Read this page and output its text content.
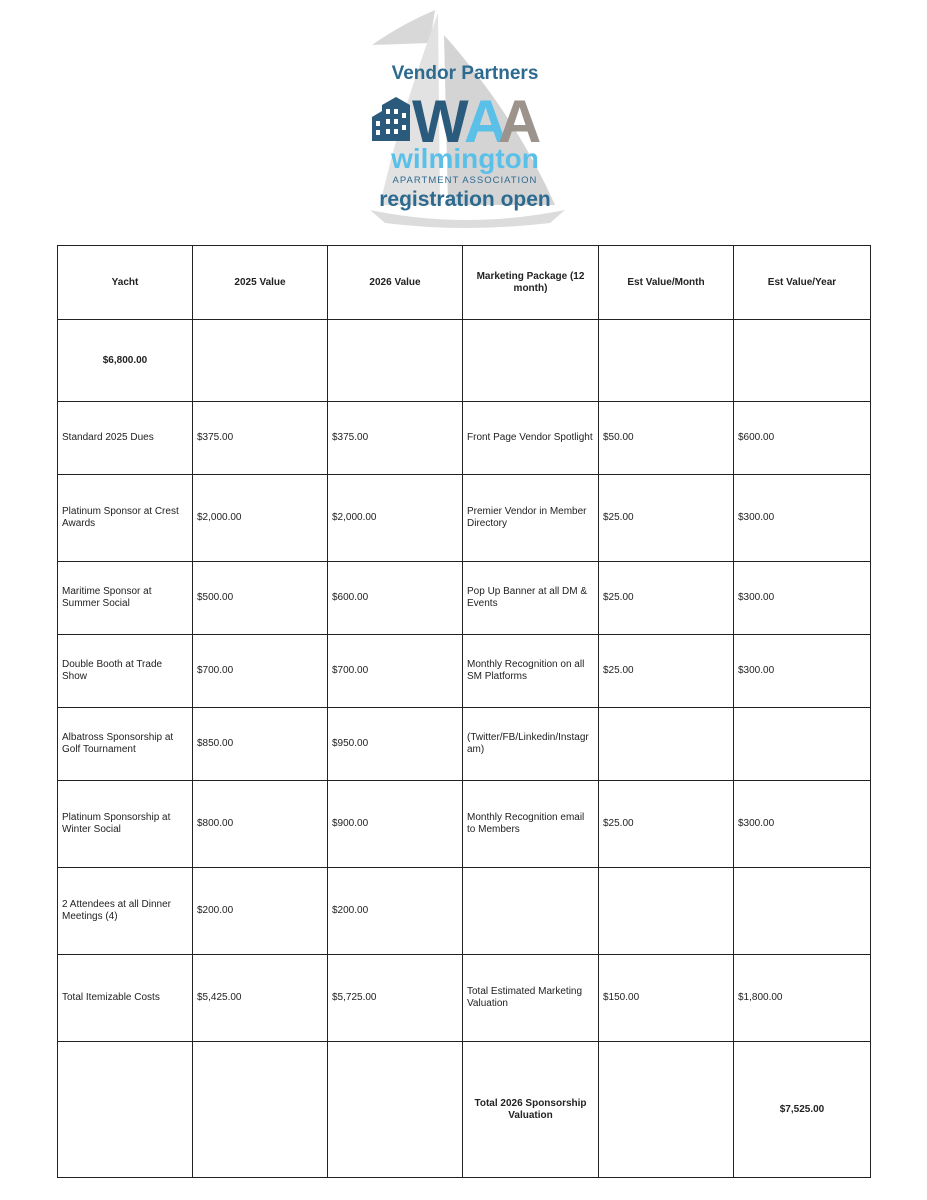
Vendor Partners
W A
A
wilmington
APARTMENT ASSOCIATION
registration open
Yacht	2025 Value	2026 Value	Marketing Package (12 month)	Est Value/Month	Est Value/Year
$6,800.00					
Standard 2025 Dues	$375.00	$375.00	Front Page Vendor Spotlight	$50.00	$600.00
Platinum Sponsor at Crest Awards	$2,000.00	$2,000.00	Premier Vendor in Member Directory	$25.00	$300.00
Maritime Sponsor at Summer Social	$500.00	$600.00	Pop Up Banner at all DM & Events	$25.00	$300.00
Double Booth at Trade Show	$700.00	$700.00	Monthly Recognition on all SM Platforms	$25.00	$300.00
Albatross Sponsorship at Golf Tournament	$850.00	$950.00	(Twitter/FB/Linkedin/Instagram)		
Platinum Sponsorship at Winter Social	$800.00	$900.00	Monthly Recognition email to Members	$25.00	$300.00
2 Attendees at all Dinner Meetings (4)	$200.00	$200.00			
Total Itemizable Costs	$5,425.00	$5,725.00	Total Estimated Marketing Valuation	$150.00	$1,800.00
			Total 2026 Sponsorship Valuation		$7,525.00
